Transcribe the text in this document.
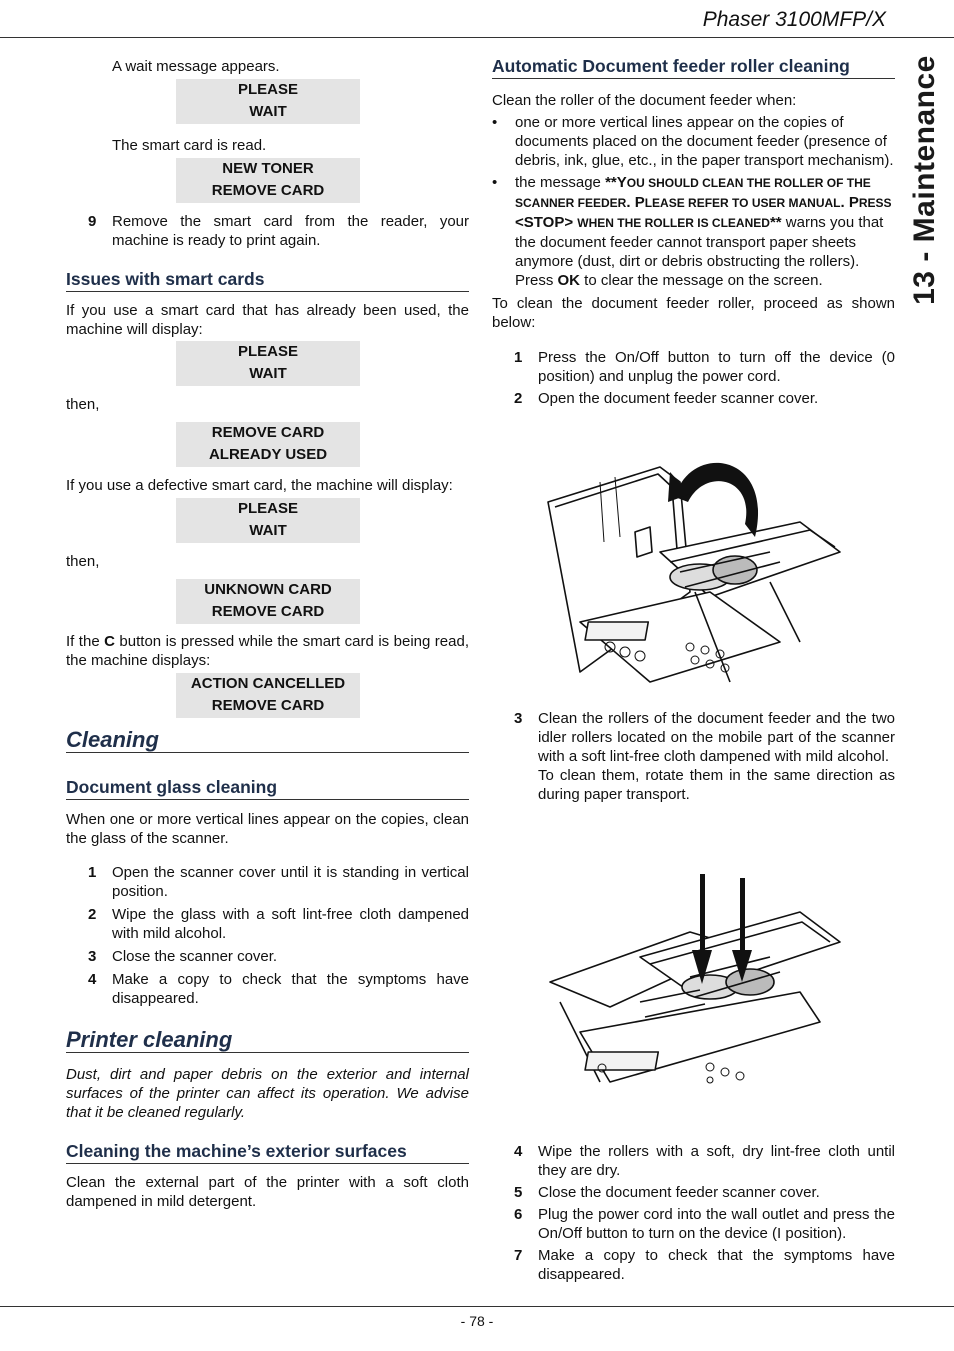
Phaser 3100MFP/X
13 - Maintenance

A wait message appears.

PLEASE
WAIT

The smart card is read.

NEW TONER
REMOVE CARD
9	Remove the smart card from the reader, your machine is ready to print again.
Issues with smart cards

If you use a smart card that has already been used, the machine will display:

PLEASE
WAIT

then,

REMOVE CARD
ALREADY USED

If you use a defective smart card, the machine will display:

PLEASE
WAIT

then,

UNKNOWN CARD
REMOVE CARD

If the C button is pressed while the smart card is being read, the machine displays:

ACTION CANCELLED
REMOVE CARD
Cleaning
Document glass cleaning

When one or more vertical lines appear on the copies, clean the glass of the scanner.

1	Open the scanner cover until it is standing in vertical position.
2	Wipe the glass with a soft lint-free cloth dampened with mild alcohol.
3	Close the scanner cover.
4	Make a copy to check that the symptoms have disappeared.
Printer cleaning

Dust, dirt and paper debris on the exterior and internal surfaces of the printer can affect its operation. We advise that it be cleaned regularly.

Cleaning the machine’s exterior surfaces

Clean the external part of the printer with a soft cloth dampened in mild detergent.

Automatic Document feeder roller cleaning

Clean the roller of the document feeder when:

•	one or more vertical lines appear on the copies of documents placed on the document feeder (presence of debris, ink, glue, etc., in the paper transport mechanism).
•	the message **YOU SHOULD CLEAN THE ROLLER OF THE SCANNER FEEDER. PLEASE REFER TO USER MANUAL. PRESS <STOP> WHEN THE ROLLER IS CLEANED** warns you that the document feeder cannot transport paper sheets anymore (dust, dirt or debris obstructing the rollers). Press OK to clear the message on the screen.

To clean the document feeder roller, proceed as shown below:

1	Press the On/Off button to turn off the device (0 position) and unplug the power cord.
2	Open the document feeder scanner cover.
3	Clean the rollers of the document feeder and the two idler rollers located on the mobile part of the scanner with a soft lint-free cloth dampened with mild alcohol.
To clean them, rotate them in the same direction as during paper transport.
4	Wipe the rollers with a soft, dry lint-free cloth until they are dry.
5	Close the document feeder scanner cover.
6	Plug the power cord into the wall outlet and press the On/Off button to turn on the device (I position).
7	Make a copy to check that the symptoms have disappeared.
- 78 -
